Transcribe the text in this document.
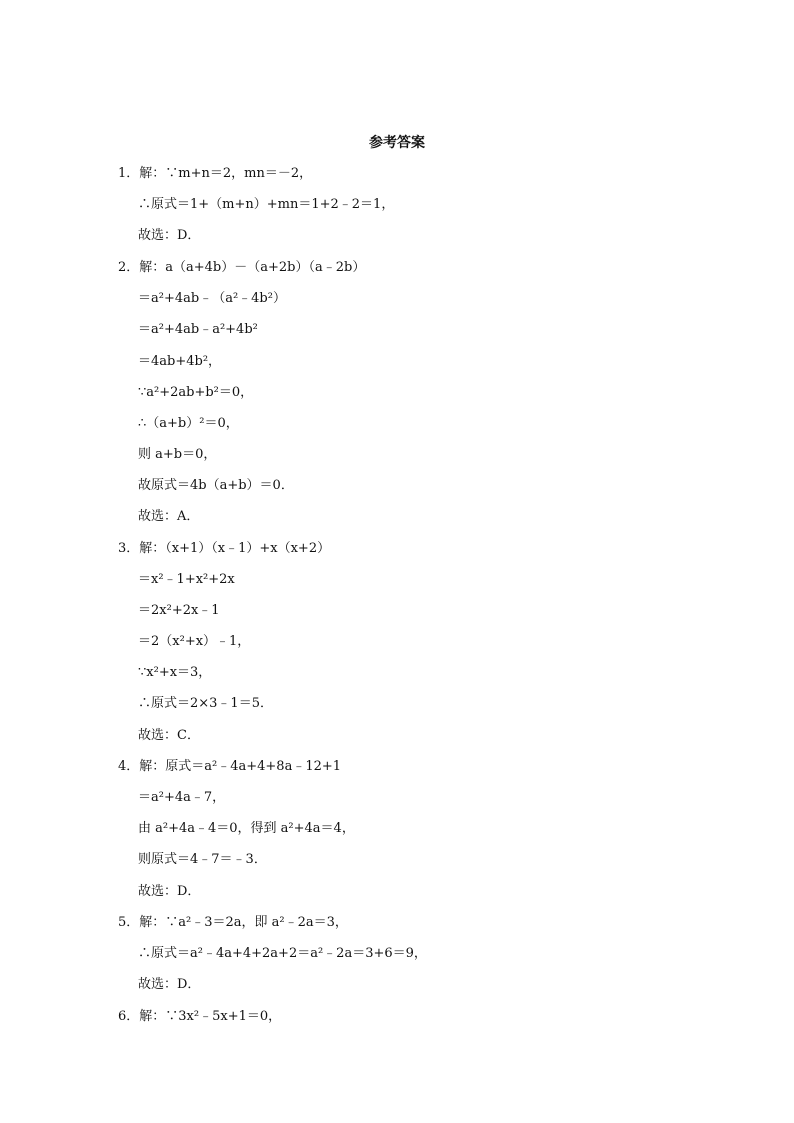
参考答案
1．解：∵m+n＝2，mn＝－2，
∴原式＝1+（m+n）+mn＝1+2﹣2＝1，
故选：D．
2．解：a（a+4b）－（a+2b）（a﹣2b）
＝a²+4ab﹣（a²﹣4b²）
＝a²+4ab﹣a²+4b²
＝4ab+4b²，
∵a²+2ab+b²＝0，
∴（a+b）²＝0，
则 a+b＝0，
故原式＝4b（a+b）＝0．
故选：A．
3．解：（x+1）（x﹣1）+x（x+2）
＝x²﹣1+x²+2x
＝2x²+2x﹣1
＝2（x²+x）﹣1，
∵x²+x＝3，
∴原式＝2×3﹣1＝5．
故选：C．
4．解：原式＝a²﹣4a+4+8a﹣12+1
＝a²+4a﹣7，
由 a²+4a﹣4＝0，得到 a²+4a＝4，
则原式＝4﹣7＝﹣3．
故选：D．
5．解：∵a²﹣3＝2a，即 a²﹣2a＝3，
∴原式＝a²﹣4a+4+2a+2＝a²﹣2a＝3+6＝9，
故选：D．
6．解：∵3x²﹣5x+1＝0，
